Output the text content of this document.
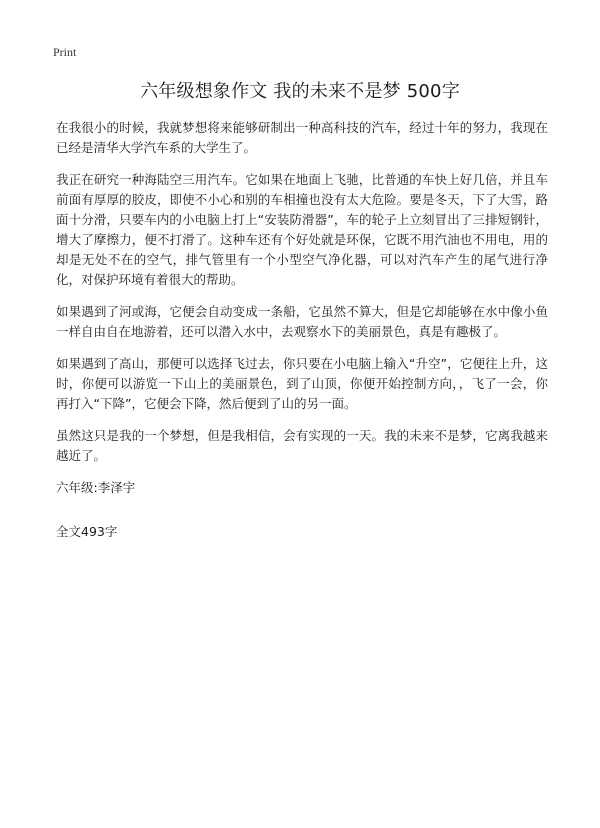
Print
六年级想象作文 我的未来不是梦 500字

在我很小的时候，我就梦想将来能够研制出一种高科技的汽车，经过十年的努力，我现在已经是清华大学汽车系的大学生了。

我正在研究一种海陆空三用汽车。它如果在地面上飞驰，比普通的车快上好几倍，并且车前面有厚厚的胶皮，即使不小心和别的车相撞也没有太大危险。要是冬天，下了大雪，路面十分滑，只要车内的小电脑上打上“安装防滑器”，车的轮子上立刻冒出了三排短钢针，增大了摩擦力，便不打滑了。这种车还有个好处就是环保，它既不用汽油也不用电，用的却是无处不在的空气，排气管里有一个小型空气净化器，可以对汽车产生的尾气进行净化，对保护环境有着很大的帮助。

如果遇到了河或海，它便会自动变成一条船，它虽然不算大，但是它却能够在水中像小鱼一样自由自在地游着，还可以潜入水中，去观察水下的美丽景色，真是有趣极了。

如果遇到了高山，那便可以选择飞过去，你只要在小电脑上输入“升空”，它便往上升，这时，你便可以游览一下山上的美丽景色，到了山顶，你便开始控制方向，，飞了一会，你再打入“下降”，它便会下降，然后便到了山的另一面。

虽然这只是我的一个梦想，但是我相信，会有实现的一天。我的未来不是梦，它离我越来越近了。

六年级:李泽宇

全文493字
